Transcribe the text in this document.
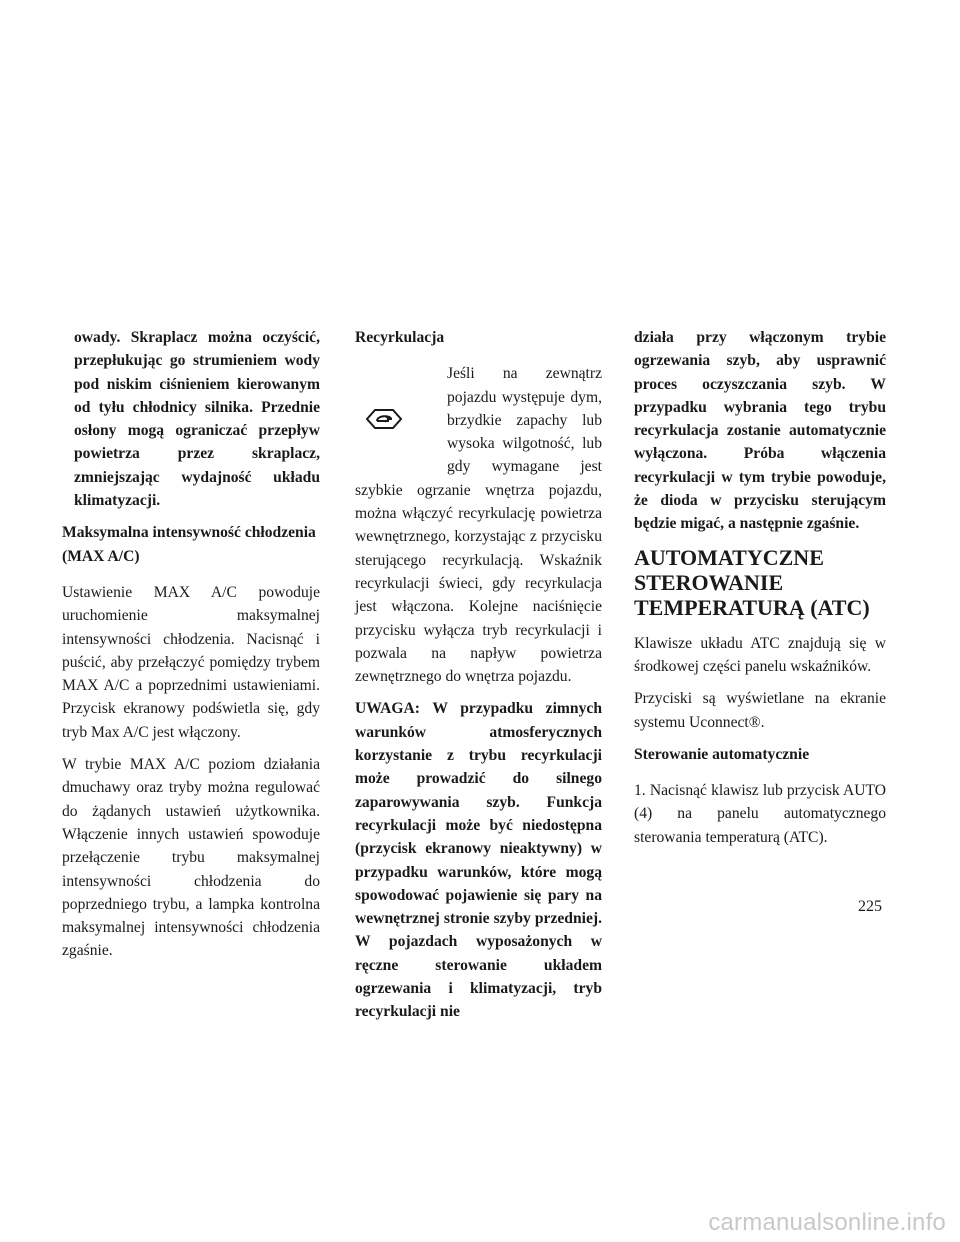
owady. Skraplacz można oczyścić, przepłukując go strumieniem wody pod niskim ciśnieniem kierowanym od tyłu chłodnicy silnika. Przednie osłony mogą ograniczać przepływ powietrza przez skraplacz, zmniejszając wydajność układu klimatyzacji.

Maksymalna intensywność chłodzenia (MAX A/C)

Ustawienie MAX A/C powoduje uruchomienie maksymalnej intensywności chłodzenia. Nacisnąć i puścić, aby przełączyć pomiędzy trybem MAX A/C a poprzednimi ustawieniami. Przycisk ekranowy podświetla się, gdy tryb Max A/C jest włączony.

W trybie MAX A/C poziom działania dmuchawy oraz tryby można regulować do żądanych ustawień użytkownika. Włączenie innych ustawień spowoduje przełączenie trybu maksymalnej intensywności chłodzenia do poprzedniego trybu, a lampka kontrolna maksymalnej intensywności chłodzenia zgaśnie.

Recyrkulacja

Jeśli na zewnątrz pojazdu występuje dym, brzydkie zapachy lub wysoka wilgotność, lub gdy wymagane jest szybkie ogrzanie wnętrza pojazdu, można włączyć recyrkulację powietrza wewnętrznego, korzystając z przycisku sterującego recyrkulacją. Wskaźnik recyrkulacji świeci, gdy recyrkulacja jest włączona. Kolejne naciśnięcie przycisku wyłącza tryb recyrkulacji i pozwala na napływ powietrza zewnętrznego do wnętrza pojazdu.

UWAGA: W przypadku zimnych warunków atmosferycznych korzystanie z trybu recyrkulacji może prowadzić do silnego zaparowywania szyb. Funkcja recyrkulacji może być niedostępna (przycisk ekranowy nieaktywny) w przypadku warunków, które mogą spowodować pojawienie się pary na wewnętrznej stronie szyby przedniej. W pojazdach wyposażonych w ręczne sterowanie układem ogrzewania i klimatyzacji, tryb recyrkulacji nie

działa przy włączonym trybie ogrzewania szyb, aby usprawnić proces oczyszczania szyb. W przypadku wybrania tego trybu recyrkulacja zostanie automatycznie wyłączona. Próba włączenia recyrkulacji w tym trybie powoduje, że dioda w przycisku sterującym będzie migać, a następnie zgaśnie.

AUTOMATYCZNE STEROWANIE TEMPERATURĄ (ATC)

Klawisze układu ATC znajdują się w środkowej części panelu wskaźników.

Przyciski są wyświetlane na ekranie systemu Uconnect®.

Sterowanie automatycznie

1. Nacisnąć klawisz lub przycisk AUTO (4) na panelu automatycznego sterowania temperaturą (ATC).

225
carmanualsonline.info
